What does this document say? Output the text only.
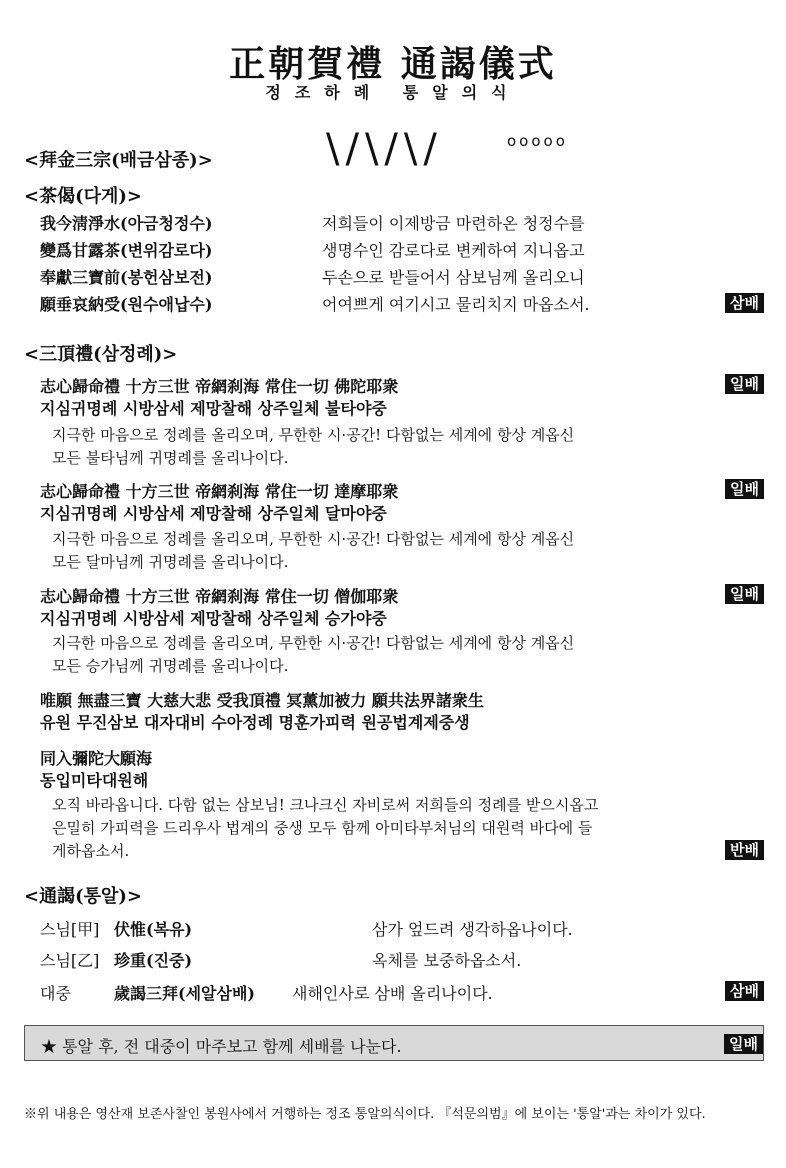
正朝賀禮 通謁儀式
정조하례 통알의식
<拜金三宗(배금삼종)>	\/\/\/	ooooo
<茶偈(다게)>
我今淸淨水(아금청정수)	저희들이 이제방금 마련하온 청정수를
變爲甘露茶(변위감로다)	생명수인 감로다로 변케하여 지니옵고
奉獻三寶前(봉헌삼보전)	두손으로 받들어서 삼보님께 올리오니
願垂哀納受(원수애납수)	어여쁘게 여기시고 물리치지 마옵소서.	삼배
<三頂禮(삼정례)>
志心歸命禮 十方三世 帝網刹海 常住一切 佛陀耶衆	일배
지심귀명례 시방삼세 제망찰해 상주일체 불타야중
지극한 마음으로 정례를 올리오며, 무한한 시·공간! 다함없는 세계에 항상 계옵신
모든 불타님께 귀명례를 올리나이다.
志心歸命禮 十方三世 帝網刹海 常住一切 達摩耶衆	일배
지심귀명례 시방삼세 제망찰해 상주일체 달마야중
지극한 마음으로 정례를 올리오며, 무한한 시·공간! 다함없는 세계에 항상 계옵신
모든 달마님께 귀명례를 올리나이다.
志心歸命禮 十方三世 帝網刹海 常住一切 僧伽耶衆	일배
지심귀명례 시방삼세 제망찰해 상주일체 승가야중
지극한 마음으로 정례를 올리오며, 무한한 시·공간! 다함없는 세계에 항상 계옵신
모든 승가님께 귀명례를 올리나이다.
唯願 無盡三寶 大慈大悲 受我頂禮 冥薰加被力 願共法界諸衆生
유원 무진삼보 대자대비 수아정례 명훈가피력 원공법계제중생
同入彌陀大願海
동입미타대원해
오직 바라옵니다. 다함 없는 삼보님! 크나크신 자비로써 저희들의 정례를 받으시옵고
은밀히 가피력을 드리우사 법계의 중생 모두 함께 아미타부처님의 대원력 바다에 들
게하옵소서.	반배
<通謁(통알)>
스님[甲] 伏惟(복유)	삼가 엎드려 생각하옵나이다.
스님[乙] 珍重(진중)	옥체를 보중하옵소서.
대중	歲謁三拜(세알삼배) 새해인사로 삼배 올리나이다.	삼배
★ 통알 후, 전 대중이 마주보고 함께 세배를 나눈다.	일배
※위 내용은 영산재 보존사찰인 봉원사에서 거행하는 정조 통알의식이다. 『석문의범』에 보이는 '통알'과는 차이가 있다.
